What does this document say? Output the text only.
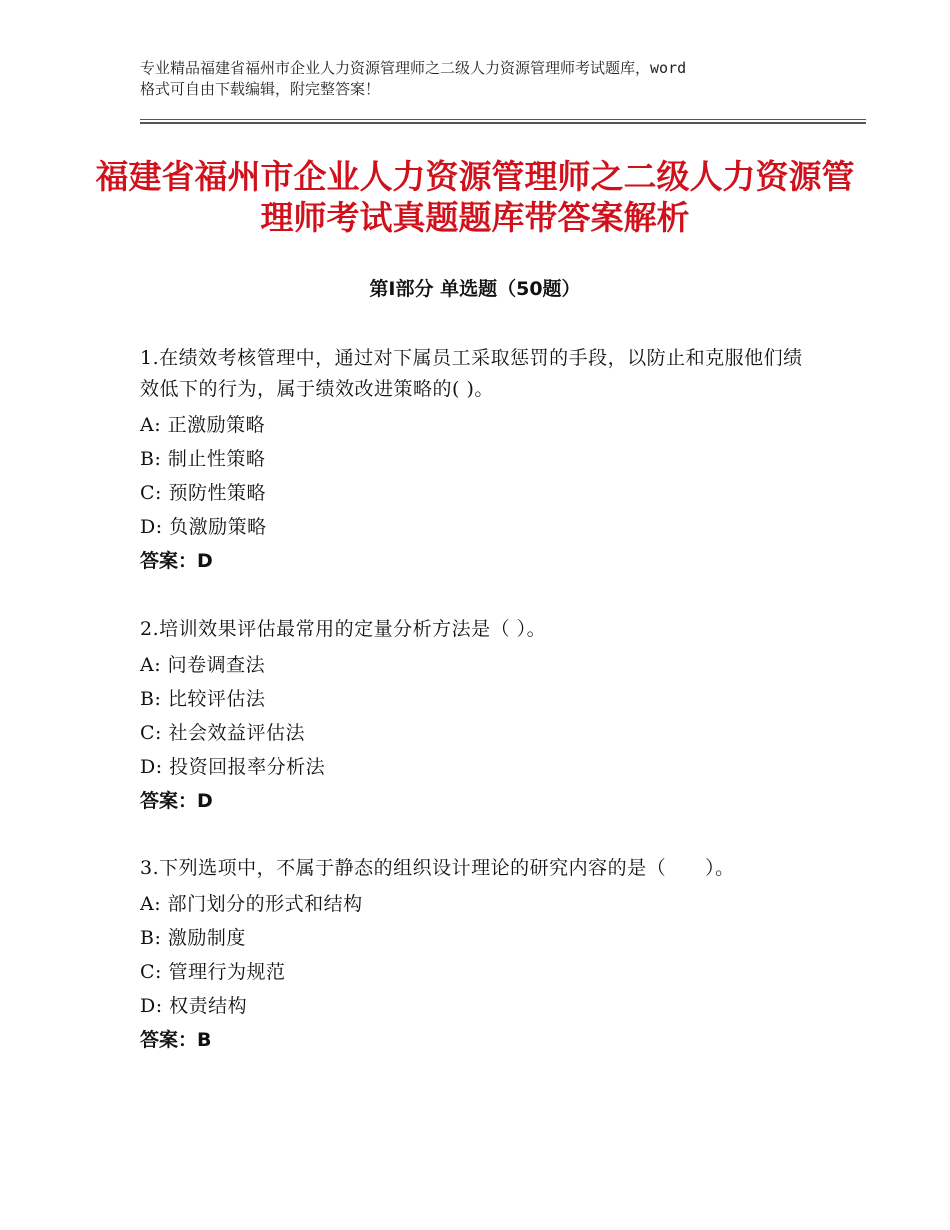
专业精品福建省福州市企业人力资源管理师之二级人力资源管理师考试题库，word
格式可自由下载编辑，附完整答案！
福建省福州市企业人力资源管理师之二级人力资源管理师考试真题题库带答案解析
第Ⅰ部分 单选题（50题）
1.在绩效考核管理中，通过对下属员工采取惩罚的手段，以防止和克服他们绩效低下的行为，属于绩效改进策略的( )。
A: 正激励策略
B: 制止性策略
C: 预防性策略
D: 负激励策略
答案：D
2.培训效果评估最常用的定量分析方法是（ ）。
A: 问卷调查法
B: 比较评估法
C: 社会效益评估法
D: 投资回报率分析法
答案：D
3.下列选项中，不属于静态的组织设计理论的研究内容的是（　　）。
A: 部门划分的形式和结构
B: 激励制度
C: 管理行为规范
D: 权责结构
答案：B
